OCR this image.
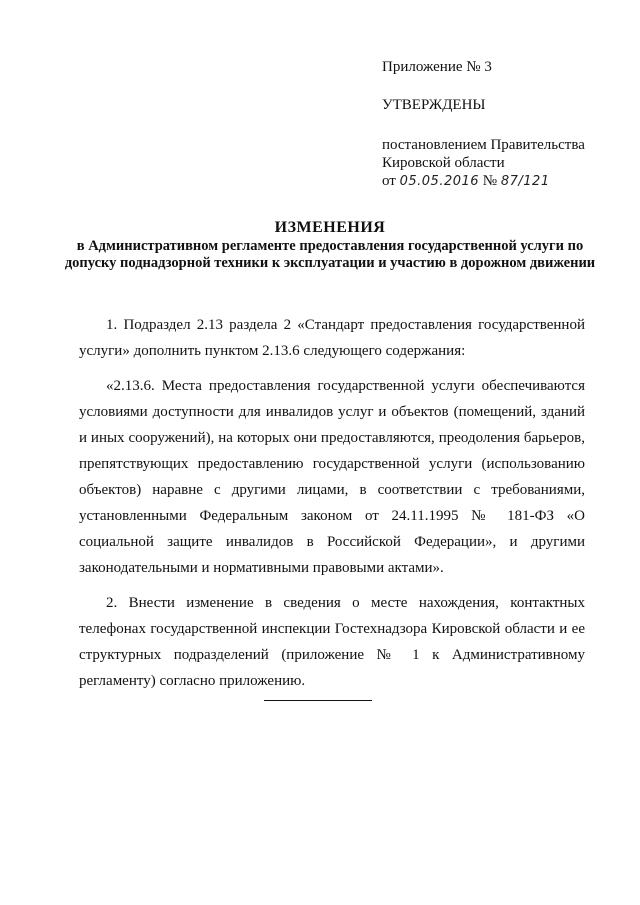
Приложение № 3
УТВЕРЖДЕНЫ
постановлением Правительства
Кировской области
от 05.05.2016 № 87/121
ИЗМЕНЕНИЯ
в Административном регламенте предоставления государственной услуги по допуску поднадзорной техники к эксплуатации и участию в дорожном движении

1. Подраздел 2.13 раздела 2 «Стандарт предоставления государственной услуги» дополнить пунктом 2.13.6 следующего содержания:

«2.13.6. Места предоставления государственной услуги обеспечиваются условиями доступности для инвалидов услуг и объектов (помещений, зданий и иных сооружений), на которых они предоставляются, преодоления барьеров, препятствующих предоставлению государственной услуги (использованию объектов) наравне с другими лицами, в соответствии с требованиями, установленными Федеральным законом от 24.11.1995 № 181-ФЗ «О социальной защите инвалидов в Российской Федерации», и другими законодательными и нормативными правовыми актами».

2. Внести изменение в сведения о месте нахождения, контактных телефонах государственной инспекции Гостехнадзора Кировской области и ее структурных подразделений (приложение № 1 к Административному регламенту) согласно приложению.
